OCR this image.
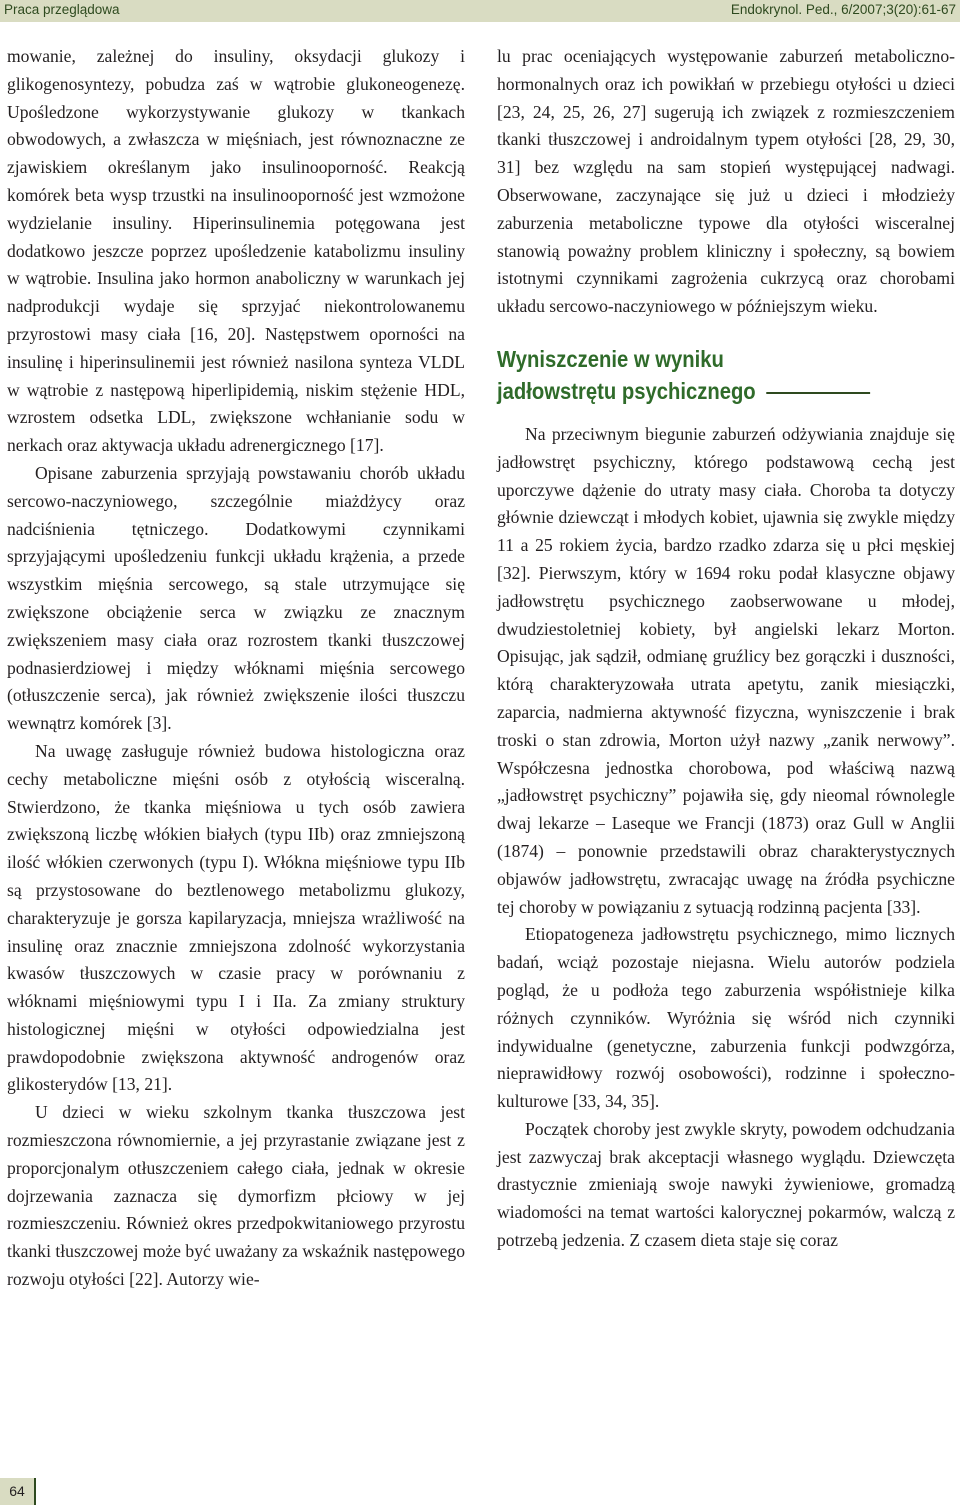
Praca przeglądowa	Endokrynol. Ped., 6/2007;3(20):61-67

mowanie, zależnej do insuliny, oksydacji glukozy i glikogenosyntezy, pobudza zaś w wątrobie glukoneogenezę. Upośledzone wykorzystywanie glukozy w tkankach obwodowych, a zwłaszcza w mięśniach, jest równoznaczne ze zjawiskiem określanym jako insulinooporność. Reakcją komórek beta wysp trzustki na insulinooporność jest wzmożone wydzielanie insuliny. Hiperinsulinemia potęgowana jest dodatkowo jeszcze poprzez upośledzenie katabolizmu insuliny w wątrobie. Insulina jako hormon anaboliczny w warunkach jej nadprodukcji wydaje się sprzyjać niekontrolowanemu przyrostowi masy ciała [16, 20]. Następstwem oporności na insulinę i hiperinsulinemii jest również nasilona synteza VLDL w wątrobie z następową hiperlipidemią, niskim stężenie HDL, wzrostem odsetka LDL, zwiększone wchłanianie sodu w nerkach oraz aktywacja układu adrenergicznego [17].

Opisane zaburzenia sprzyjają powstawaniu chorób układu sercowo-naczyniowego, szczególnie miażdżycy oraz nadciśnienia tętniczego. Dodatkowymi czynnikami sprzyjającymi upośledzeniu funkcji układu krążenia, a przede wszystkim mięśnia sercowego, są stale utrzymujące się zwiększone obciążenie serca w związku ze znacznym zwiększeniem masy ciała oraz rozrostem tkanki tłuszczowej podnasierdziowej i między włóknami mięśnia sercowego (otłuszczenie serca), jak również zwiększenie ilości tłuszczu wewnątrz komórek [3].

Na uwagę zasługuje również budowa histologiczna oraz cechy metaboliczne mięśni osób z otyłością wisceralną. Stwierdzono, że tkanka mięśniowa u tych osób zawiera zwiększoną liczbę włókien białych (typu IIb) oraz zmniejszoną ilość włókien czerwonych (typu I). Włókna mięśniowe typu IIb są przystosowane do beztlenowego metabolizmu glukozy, charakteryzuje je gorsza kapilaryzacja, mniejsza wrażliwość na insulinę oraz znacznie zmniejszona zdolność wykorzystania kwasów tłuszczowych w czasie pracy w porównaniu z włóknami mięśniowymi typu I i IIa. Za zmiany struktury histologicznej mięśni w otyłości odpowiedzialna jest prawdopodobnie zwiększona aktywność androgenów oraz glikosterydów [13, 21].

U dzieci w wieku szkolnym tkanka tłuszczowa jest rozmieszczona równomiernie, a jej przyrastanie związane jest z proporcjonalym otłuszczeniem całego ciała, jednak w okresie dojrzewania zaznacza się dymorfizm płciowy w jej rozmieszczeniu. Również okres przedpokwitaniowego przyrostu tkanki tłuszczowej może być uważany za wskaźnik następowego rozwoju otyłości [22]. Autorzy wie-

lu prac oceniających występowanie zaburzeń metaboliczno-hormonalnych oraz ich powikłań w przebiegu otyłości u dzieci [23, 24, 25, 26, 27] sugerują ich związek z rozmieszczeniem tkanki tłuszczowej i androidalnym typem otyłości [28, 29, 30, 31] bez względu na sam stopień występującej nadwagi. Obserwowane, zaczynające się już u dzieci i młodzieży zaburzenia metaboliczne typowe dla otyłości wisceralnej stanowią poważny problem kliniczny i społeczny, są bowiem istotnymi czynnikami zagrożenia cukrzycą oraz chorobami układu sercowo-naczyniowego w późniejszym wieku.

Wyniszczenie w wyniku
jadłowstrętu psychicznego

Na przeciwnym biegunie zaburzeń odżywiania znajduje się jadłowstręt psychiczny, którego podstawową cechą jest uporczywe dążenie do utraty masy ciała. Choroba ta dotyczy głównie dziewcząt i młodych kobiet, ujawnia się zwykle między 11 a 25 rokiem życia, bardzo rzadko zdarza się u płci męskiej [32]. Pierwszym, który w 1694 roku podał klasyczne objawy jadłowstrętu psychicznego zaobserwowane u młodej, dwudziestoletniej kobiety, był angielski lekarz Morton. Opisując, jak sądził, odmianę gruźlicy bez gorączki i duszności, którą charakteryzowała utrata apetytu, zanik miesiączki, zaparcia, nadmierna aktywność fizyczna, wyniszczenie i brak troski o stan zdrowia, Morton użył nazwy „zanik nerwowy”. Współczesna jednostka chorobowa, pod właściwą nazwą „jadłowstręt psychiczny” pojawiła się, gdy nieomal równolegle dwaj lekarze – Laseque we Francji (1873) oraz Gull w Anglii (1874) – ponownie przedstawili obraz charakterystycznych objawów jadłowstrętu, zwracając uwagę na źródła psychiczne tej choroby w powiązaniu z sytuacją rodzinną pacjenta [33].

Etiopatogeneza jadłowstrętu psychicznego, mimo licznych badań, wciąż pozostaje niejasna. Wielu autorów podziela pogląd, że u podłoża tego zaburzenia współistnieje kilka różnych czynników. Wyróżnia się wśród nich czynniki indywidualne (genetyczne, zaburzenia funkcji podwzgórza, nieprawidłowy rozwój osobowości), rodzinne i społeczno-kulturowe [33, 34, 35].

Początek choroby jest zwykle skryty, powodem odchudzania jest zazwyczaj brak akceptacji własnego wyglądu. Dziewczęta drastycznie zmieniają swoje nawyki żywieniowe, gromadzą wiadomości na temat wartości kalorycznej pokarmów, walczą z potrzebą jedzenia. Z czasem dieta staje się coraz

64
